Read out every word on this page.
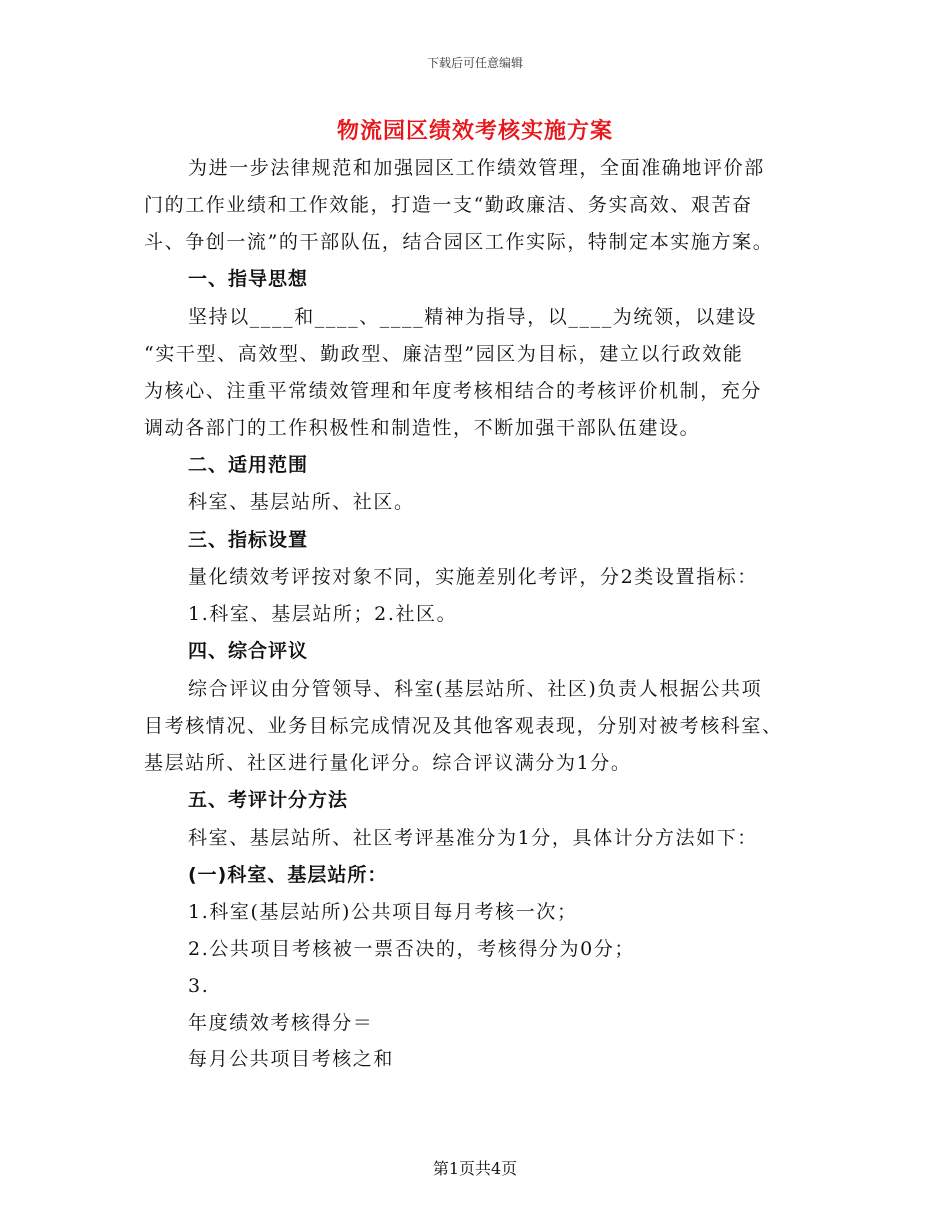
下载后可任意编辑
物流园区绩效考核实施方案
为进一步法律规范和加强园区工作绩效管理，全面准确地评价部
门的工作业绩和工作效能，打造一支“勤政廉洁、务实高效、艰苦奋
斗、争创一流”的干部队伍，结合园区工作实际，特制定本实施方案。
一、指导思想
坚持以____和____、____精神为指导，以____为统领，以建设
“实干型、高效型、勤政型、廉洁型”园区为目标，建立以行政效能
为核心、注重平常绩效管理和年度考核相结合的考核评价机制，充分
调动各部门的工作积极性和制造性，不断加强干部队伍建设。
二、适用范围
科室、基层站所、社区。
三、指标设置
量化绩效考评按对象不同，实施差别化考评，分2类设置指标：
1.科室、基层站所；2.社区。
四、综合评议
综合评议由分管领导、科室(基层站所、社区)负责人根据公共项
目考核情况、业务目标完成情况及其他客观表现，分别对被考核科室、
基层站所、社区进行量化评分。综合评议满分为1分。
五、考评计分方法
科室、基层站所、社区考评基准分为1分，具体计分方法如下：
(一)科室、基层站所：
1.科室(基层站所)公共项目每月考核一次；
2.公共项目考核被一票否决的，考核得分为0分；
3.
年度绩效考核得分＝
每月公共项目考核之和
第1页共4页
